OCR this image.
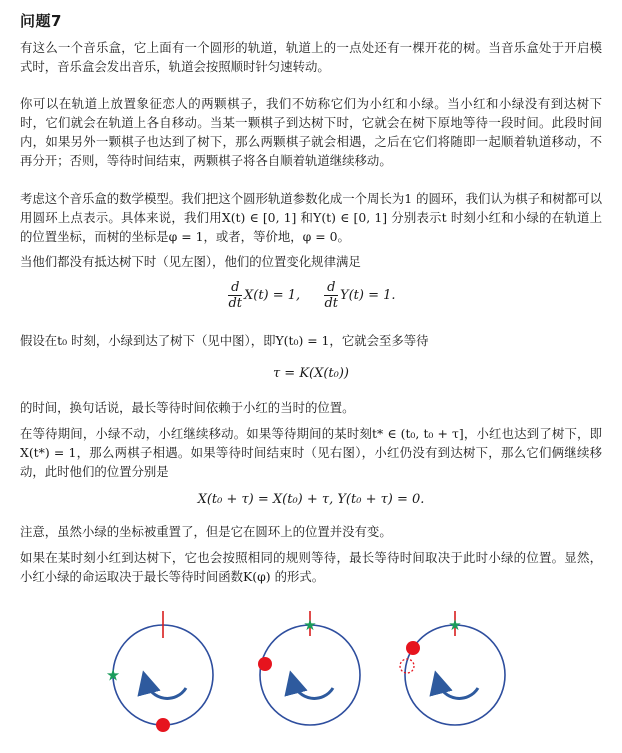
问题7
有这么一个音乐盒，它上面有一个圆形的轨道，轨道上的一点处还有一棵开花的树。当音乐盒处于开启模式时，音乐盒会发出音乐，轨道会按照顺时针匀速转动。
你可以在轨道上放置象征恋人的两颗棋子，我们不妨称它们为小红和小绿。当小红和小绿没有到达树下时，它们就会在轨道上各自移动。当某一颗棋子到达树下时，它就会在树下原地等待一段时间。此段时间内，如果另外一颗棋子也达到了树下，那么两颗棋子就会相遇，之后在它们将随即一起顺着轨道移动，不再分开；否则，等待时间结束，两颗棋子将各自顺着轨道继续移动。
考虑这个音乐盒的数学模型。我们把这个圆形轨道参数化成一个周长为1 的圆环，我们认为棋子和树都可以用圆环上点表示。具体来说，我们用X(t) ∈ [0, 1] 和Y(t) ∈ [0, 1] 分别表示t 时刻小红和小绿的在轨道上的位置坐标，而树的坐标是φ = 1，或者，等价地，φ = 0。
当他们都没有抵达树下时（见左图），他们的位置变化规律满足
$\frac{d}{dt} X(t) = 1$, $\frac{d}{dt} Y(t) = 1$.
假设在t₀ 时刻，小绿到达了树下（见中图），即Y(t₀) = 1，它就会至多等待
τ = K(X(t₀))
的时间，换句话说，最长等待时间依赖于小红的当时的位置。
在等待期间，小绿不动，小红继续移动。如果等待期间的某时刻t* ∈ (t₀, t₀ + τ]，小红也达到了树下，即X(t*) = 1，那么两棋子相遇。如果等待时间结束时（见右图），小红仍没有到达树下，那么它们俩继续移动，此时他们的位置分别是
X(t₀ + τ) = X(t₀) + τ, Y(t₀ + τ) = 0.
注意，虽然小绿的坐标被重置了，但是它在圆环上的位置并没有变。
如果在某时刻小红到达树下，它也会按照相同的规则等待，最长等待时间取决于此时小绿的位置。显然，小红小绿的命运取决于最长等待时间函数K(φ) 的形式。
★
★	★
